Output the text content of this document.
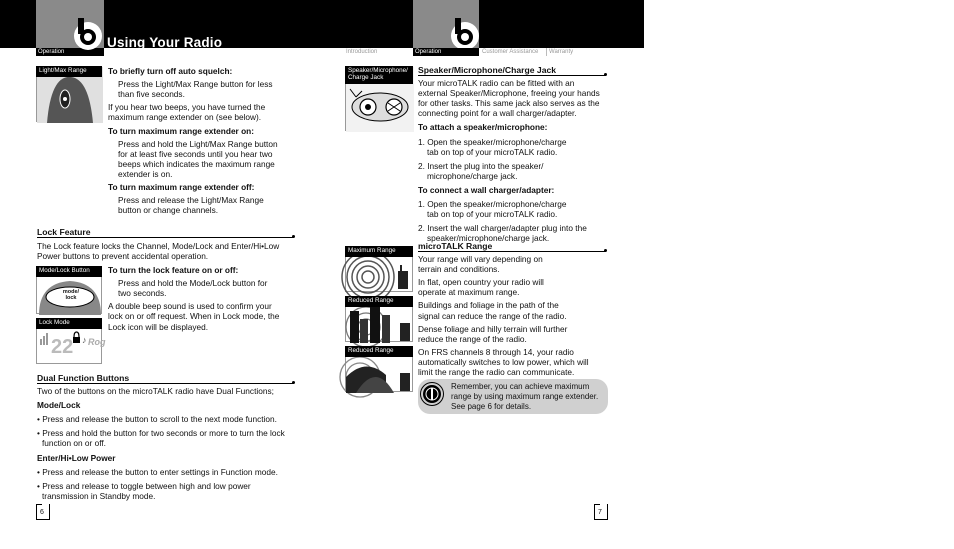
Operation
Using Your Radio
Introduction	Operation	Customer Assistance	Warranty
Light/Max Range	To briefly turn off auto squelch:
Press the Light/Max Range button for less than five seconds.
If you hear two beeps, you have turned the maximum range extender on (see below).
To turn maximum range extender on:
Press and hold the Light/Max Range button for at least five seconds until you hear two beeps which indicates the maximum range extender is on.
To turn maximum range extender off:
Press and release the Light/Max Range button or change channels.
Lock Feature
The Lock feature locks the Channel, Mode/Lock and Enter/Hi•Low Power buttons to prevent accidental operation.
mode/ lock
Mode/Lock Button
22 ♪ Rog
Lock Mode
To turn the lock feature on or off:
Press and hold the Mode/Lock button for two seconds.
A double beep sound is used to confirm your lock on or off request. When in Lock mode, the Lock icon will be displayed.
Dual Function Buttons
Two of the buttons on the microTALK radio have Dual Functions;
Mode/Lock
• Press and release the button to scroll to the next mode function.
• Press and hold the button for two seconds or more to turn the lock function on or off.
Enter/Hi•Low Power
• Press and release the button to enter settings in Function mode.
• Press and release to toggle between high and low power transmission in Standby mode.
6
Speaker/Microphone/ Charge Jack
Speaker/Microphone/Charge Jack
Your microTALK radio can be fitted with an external Speaker/Microphone, freeing your hands for other tasks. This same jack also serves as the connecting point for a wall charger/adapter.
To attach a speaker/microphone:
1. Open the speaker/microphone/charge tab on top of your microTALK radio.
2. Insert the plug into the speaker/ microphone/charge jack.
To connect a wall charger/adapter:
1. Open the speaker/microphone/charge tab on top of your microTALK radio.
2. Insert the wall charger/adapter plug into the speaker/microphone/charge jack.
Maximum Range
Reduced Range
Reduced Range
microTALK Range
Your range will vary depending on terrain and conditions.
In flat, open country your radio will operate at maximum range.
Buildings and foliage in the path of the signal can reduce the range of the radio.
Dense foliage and hilly terrain will further reduce the range of the radio.
On FRS channels 8 through 14, your radio automatically switches to low power, which will limit the range the radio can communicate.
Remember, you can achieve maximum range by using maximum range extender. See page 6 for details.
7
